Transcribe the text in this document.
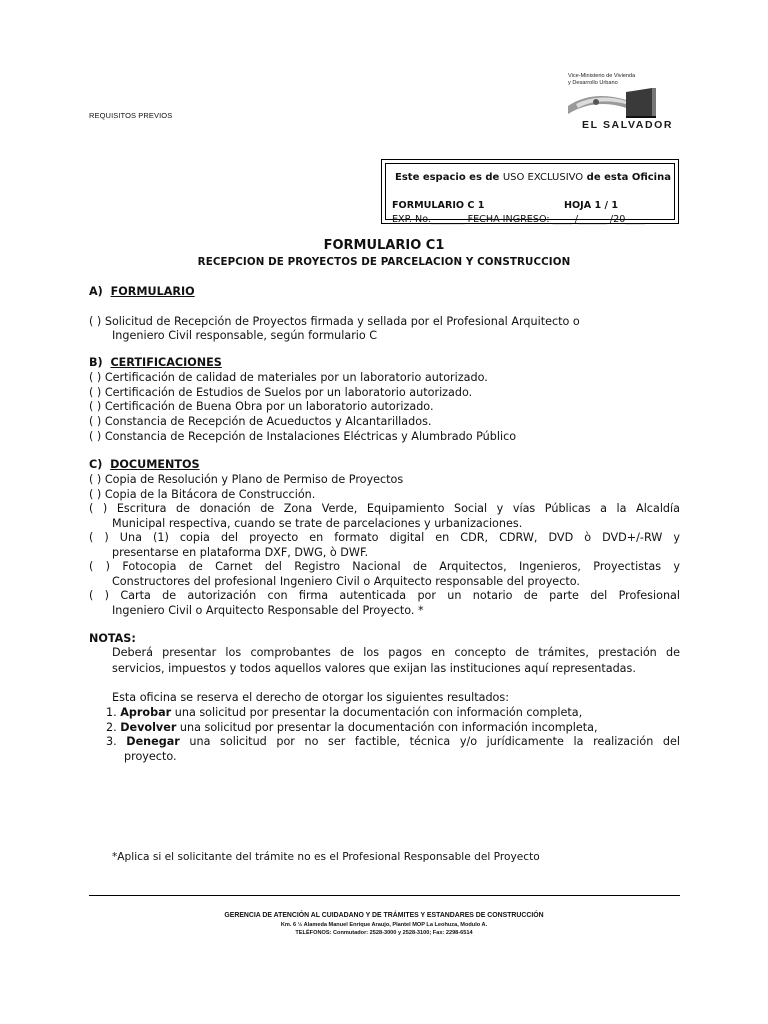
REQUISITOS PREVIOS
Vice-Ministerio de Vivienda
y Desarrollo Urbano
EL SALVADOR
Este espacio es de USO EXCLUSIVO de esta Oficina
FORMULARIO C 1	HOJA 1 / 1
EXP. No._______ FECHA INGRESO: ____ /______ /20____
FORMULARIO C1
RECEPCION DE PROYECTOS DE PARCELACION Y CONSTRUCCION
A) FORMULARIO
( ) Solicitud de Recepción de Proyectos firmada y sellada por el Profesional Arquitecto o
Ingeniero Civil responsable, según formulario C
B) CERTIFICACIONES
( ) Certificación de calidad de materiales por un laboratorio autorizado.
( ) Certificación de Estudios de Suelos por un laboratorio autorizado.
( ) Certificación de Buena Obra por un laboratorio autorizado.
( ) Constancia de Recepción de Acueductos y Alcantarillados.
( ) Constancia de Recepción de Instalaciones Eléctricas y Alumbrado Público
C) DOCUMENTOS
( ) Copia de Resolución y Plano de Permiso de Proyectos
( ) Copia de la Bitácora de Construcción.
( ) Escritura de donación de Zona Verde, Equipamiento Social y vías Públicas a la Alcaldía
Municipal respectiva, cuando se trate de parcelaciones y urbanizaciones.
( ) Una (1) copia del proyecto en formato digital en CDR, CDRW, DVD ò DVD+/-RW y
presentarse en plataforma DXF, DWG, ò DWF.
( ) Fotocopia de Carnet del Registro Nacional de Arquitectos, Ingenieros, Proyectistas y
Constructores del profesional Ingeniero Civil o Arquitecto responsable del proyecto.
( ) Carta de autorización con firma autenticada por un notario de parte del Profesional
Ingeniero Civil o Arquitecto Responsable del Proyecto. *
NOTAS:
Deberá presentar los comprobantes de los pagos en concepto de trámites, prestación de
servicios, impuestos y todos aquellos valores que exijan las instituciones aquí representadas.
Esta oficina se reserva el derecho de otorgar los siguientes resultados:
1. Aprobar una solicitud por presentar la documentación con información completa,
2. Devolver una solicitud por presentar la documentación con información incompleta,
3. Denegar una solicitud por no ser factible, técnica y/o jurídicamente la realización del
proyecto.
*Aplica si el solicitante del trámite no es el Profesional Responsable del Proyecto
GERENCIA DE ATENCIÓN AL CUIDADANO Y DE TRÁMITES Y ESTANDARES DE CONSTRUCCIÓN
Km. 6 ½ Alameda Manuel Enrique Araujo, Plantel MOP La Leohuza, Modulo A.
TELÉFONOS: Conmutador: 2528-3000 y 2528-3100; Fax: 2298-6514
